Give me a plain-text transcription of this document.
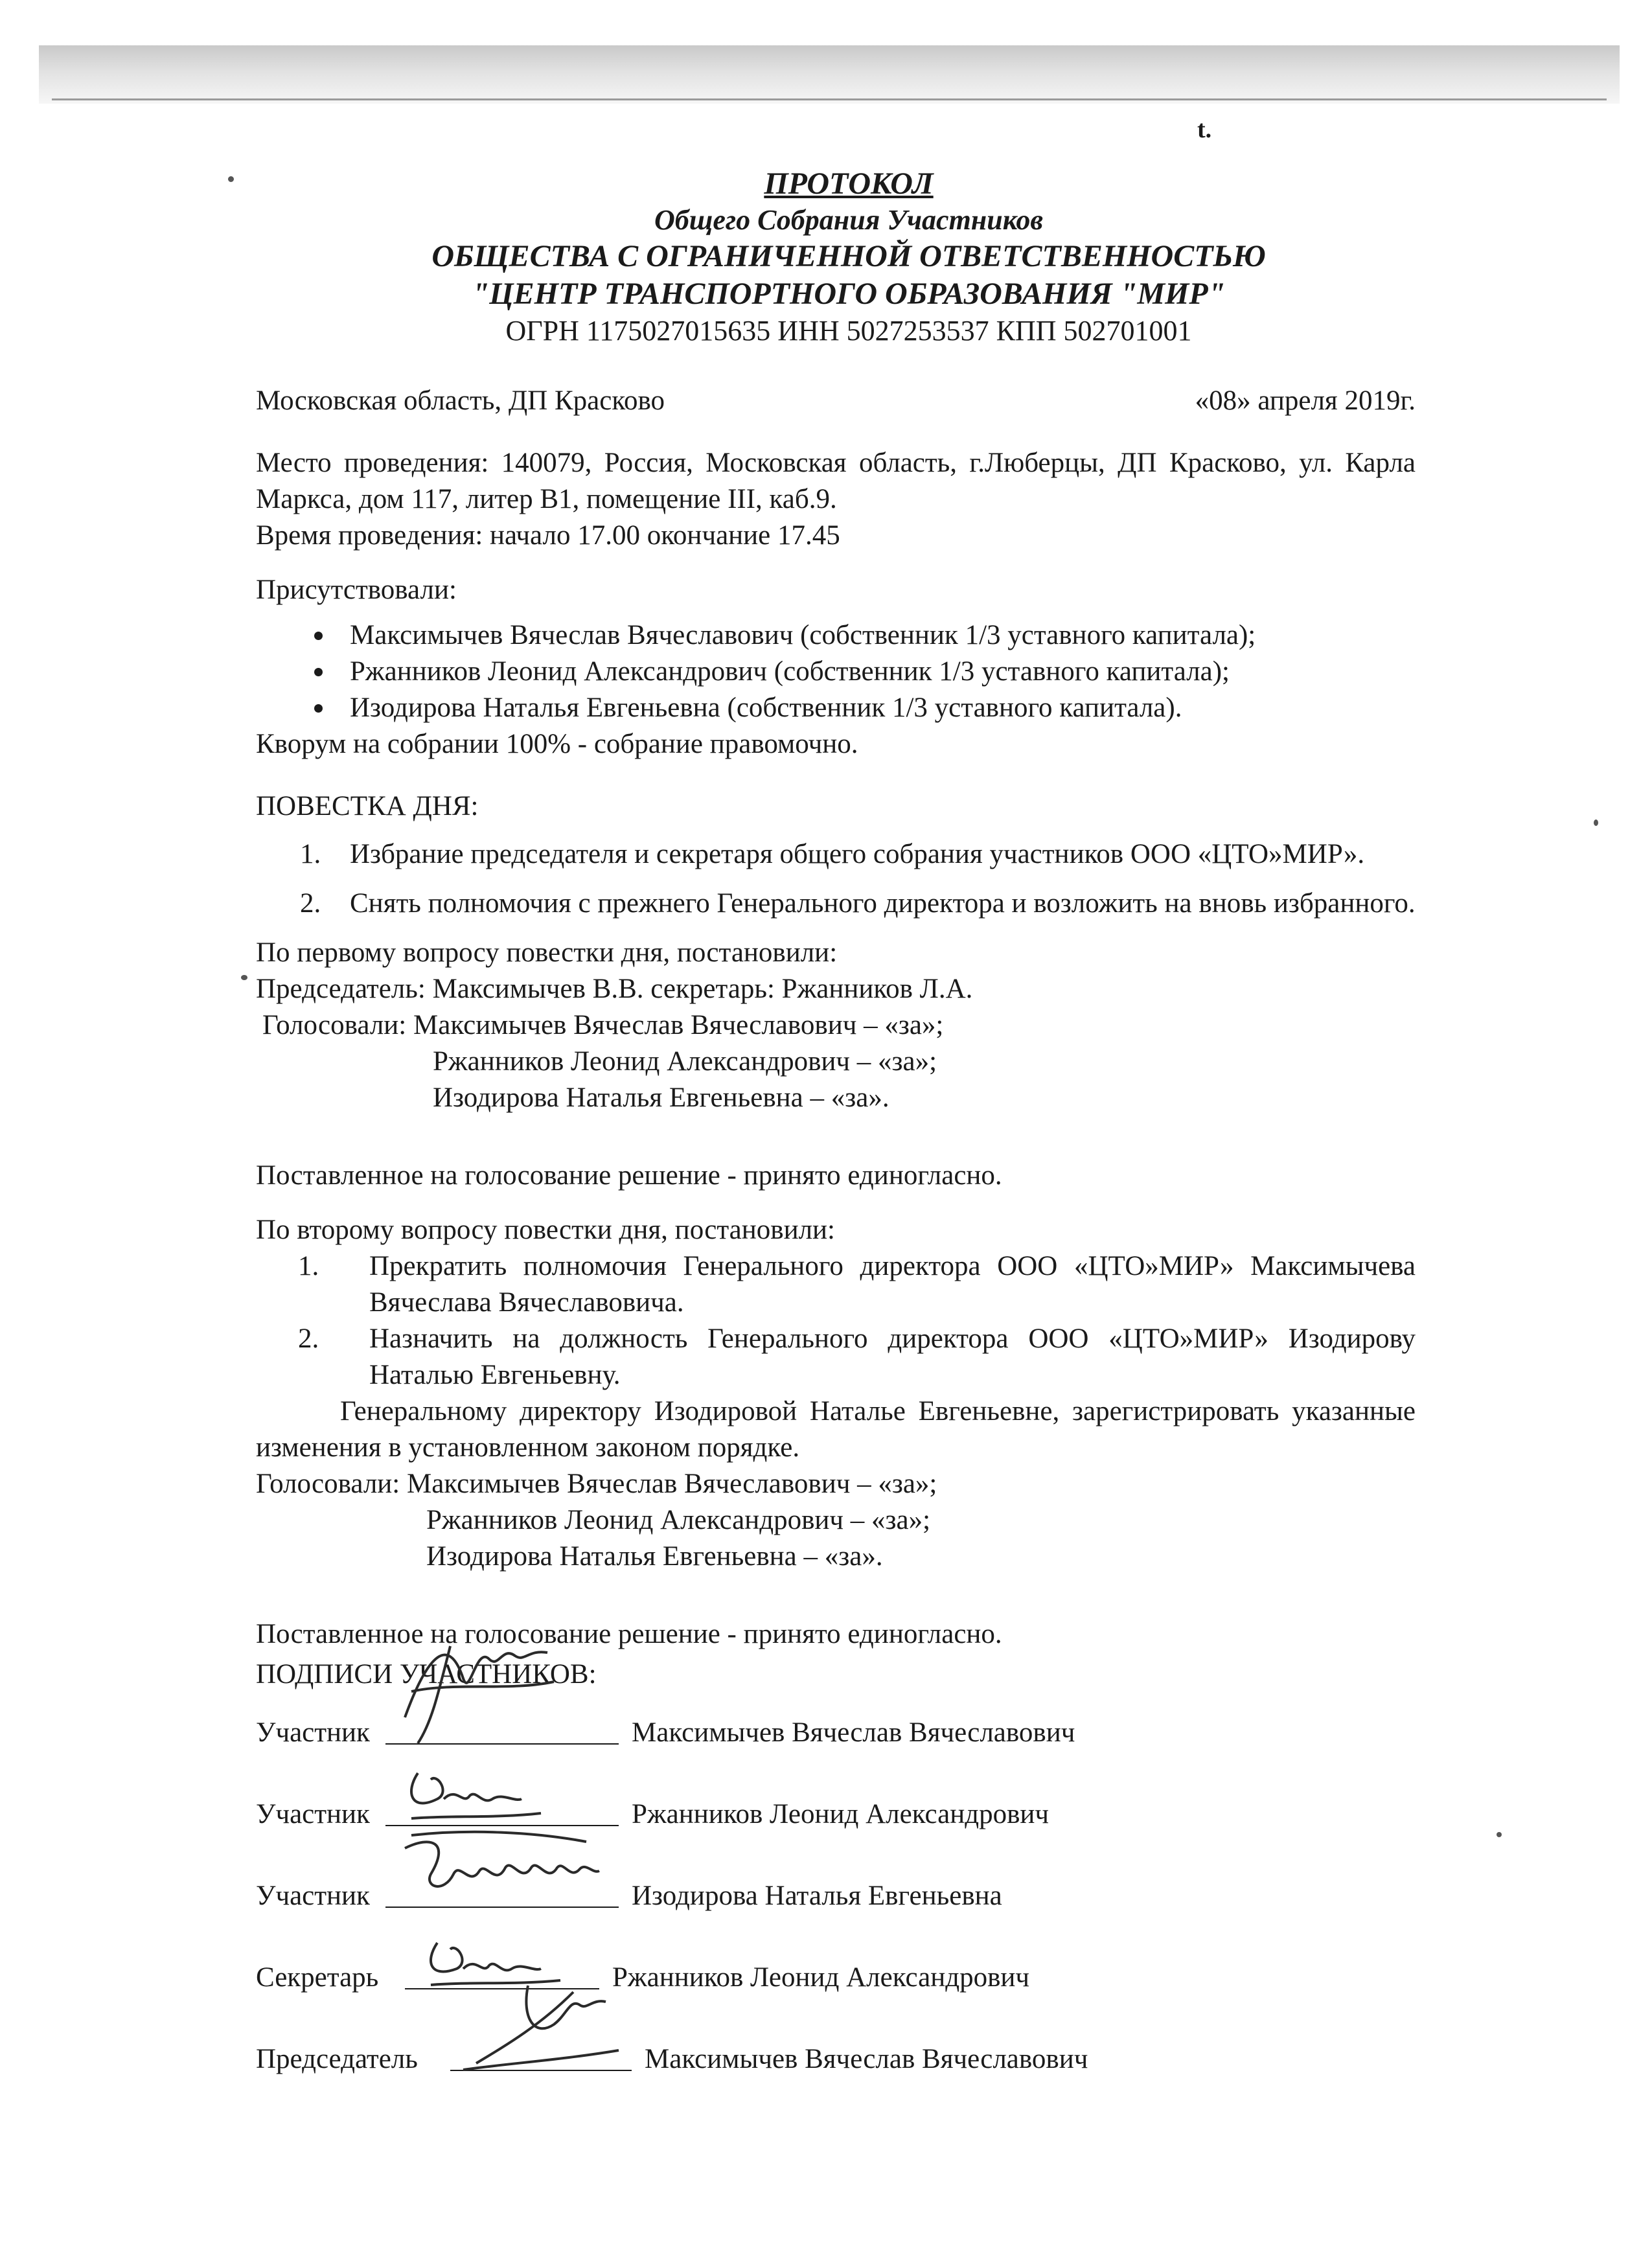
t.
ПРОТОКОЛ
Общего Собрания Участников
ОБЩЕСТВА С ОГРАНИЧЕННОЙ ОТВЕТСТВЕННОСТЬЮ
"ЦЕНТР ТРАНСПОРТНОГО ОБРАЗОВАНИЯ "МИР"
ОГРН 1175027015635 ИНН 5027253537 КПП 502701001
Московская область, ДП Красково	«08» апреля 2019г.

Место проведения: 140079, Россия, Московская область, г.Люберцы, ДП Красково, ул. Карла Маркса, дом 117, литер В1, помещение III, каб.9.

Время проведения: начало 17.00 окончание 17.45

Присутствовали:

Максимычев Вячеслав Вячеславович (собственник 1/3 уставного капитала);
Ржанников Леонид Александрович (собственник 1/3 уставного капитала);
Изодирова Наталья Евгеньевна (собственник 1/3 уставного капитала).

Кворум на собрании 100% - собрание правомочно.

ПОВЕСТКА ДНЯ:

1. Избрание председателя и секретаря общего собрания участников ООО «ЦТО»МИР».
2. Снять полномочия с прежнего Генерального директора и возложить на вновь избранного.

По первому вопросу повестки дня, постановили:

Председатель: Максимычев В.В. секретарь: Ржанников Л.А.

Голосовали: Максимычев Вячеслав Вячеславович – «за»;
Ржанников Леонид Александрович – «за»;
Изодирова Наталья Евгеньевна – «за».

Поставленное на голосование решение - принято единогласно.

По второму вопросу повестки дня, постановили:

1. Прекратить полномочия Генерального директора ООО «ЦТО»МИР» Максимычева Вячеслава Вячеславовича.
2. Назначить на должность Генерального директора ООО «ЦТО»МИР» Изодирову Наталью Евгеньевну.

Генеральному директору Изодировой Наталье Евгеньевне, зарегистрировать указанные изменения в установленном законом порядке.

Голосовали: Максимычев Вячеслав Вячеславович – «за»;
Ржанников Леонид Александрович – «за»;
Изодирова Наталья Евгеньевна – «за».

Поставленное на голосование решение - принято единогласно.

ПОДПИСИ УЧАСТНИКОВ:

Участник	Максимычев Вячеслав Вячеславович
Участник	Ржанников Леонид Александрович
Участник	Изодирова Наталья Евгеньевна
Секретарь	Ржанников Леонид Александрович
Председатель	Максимычев Вячеслав Вячеславович
